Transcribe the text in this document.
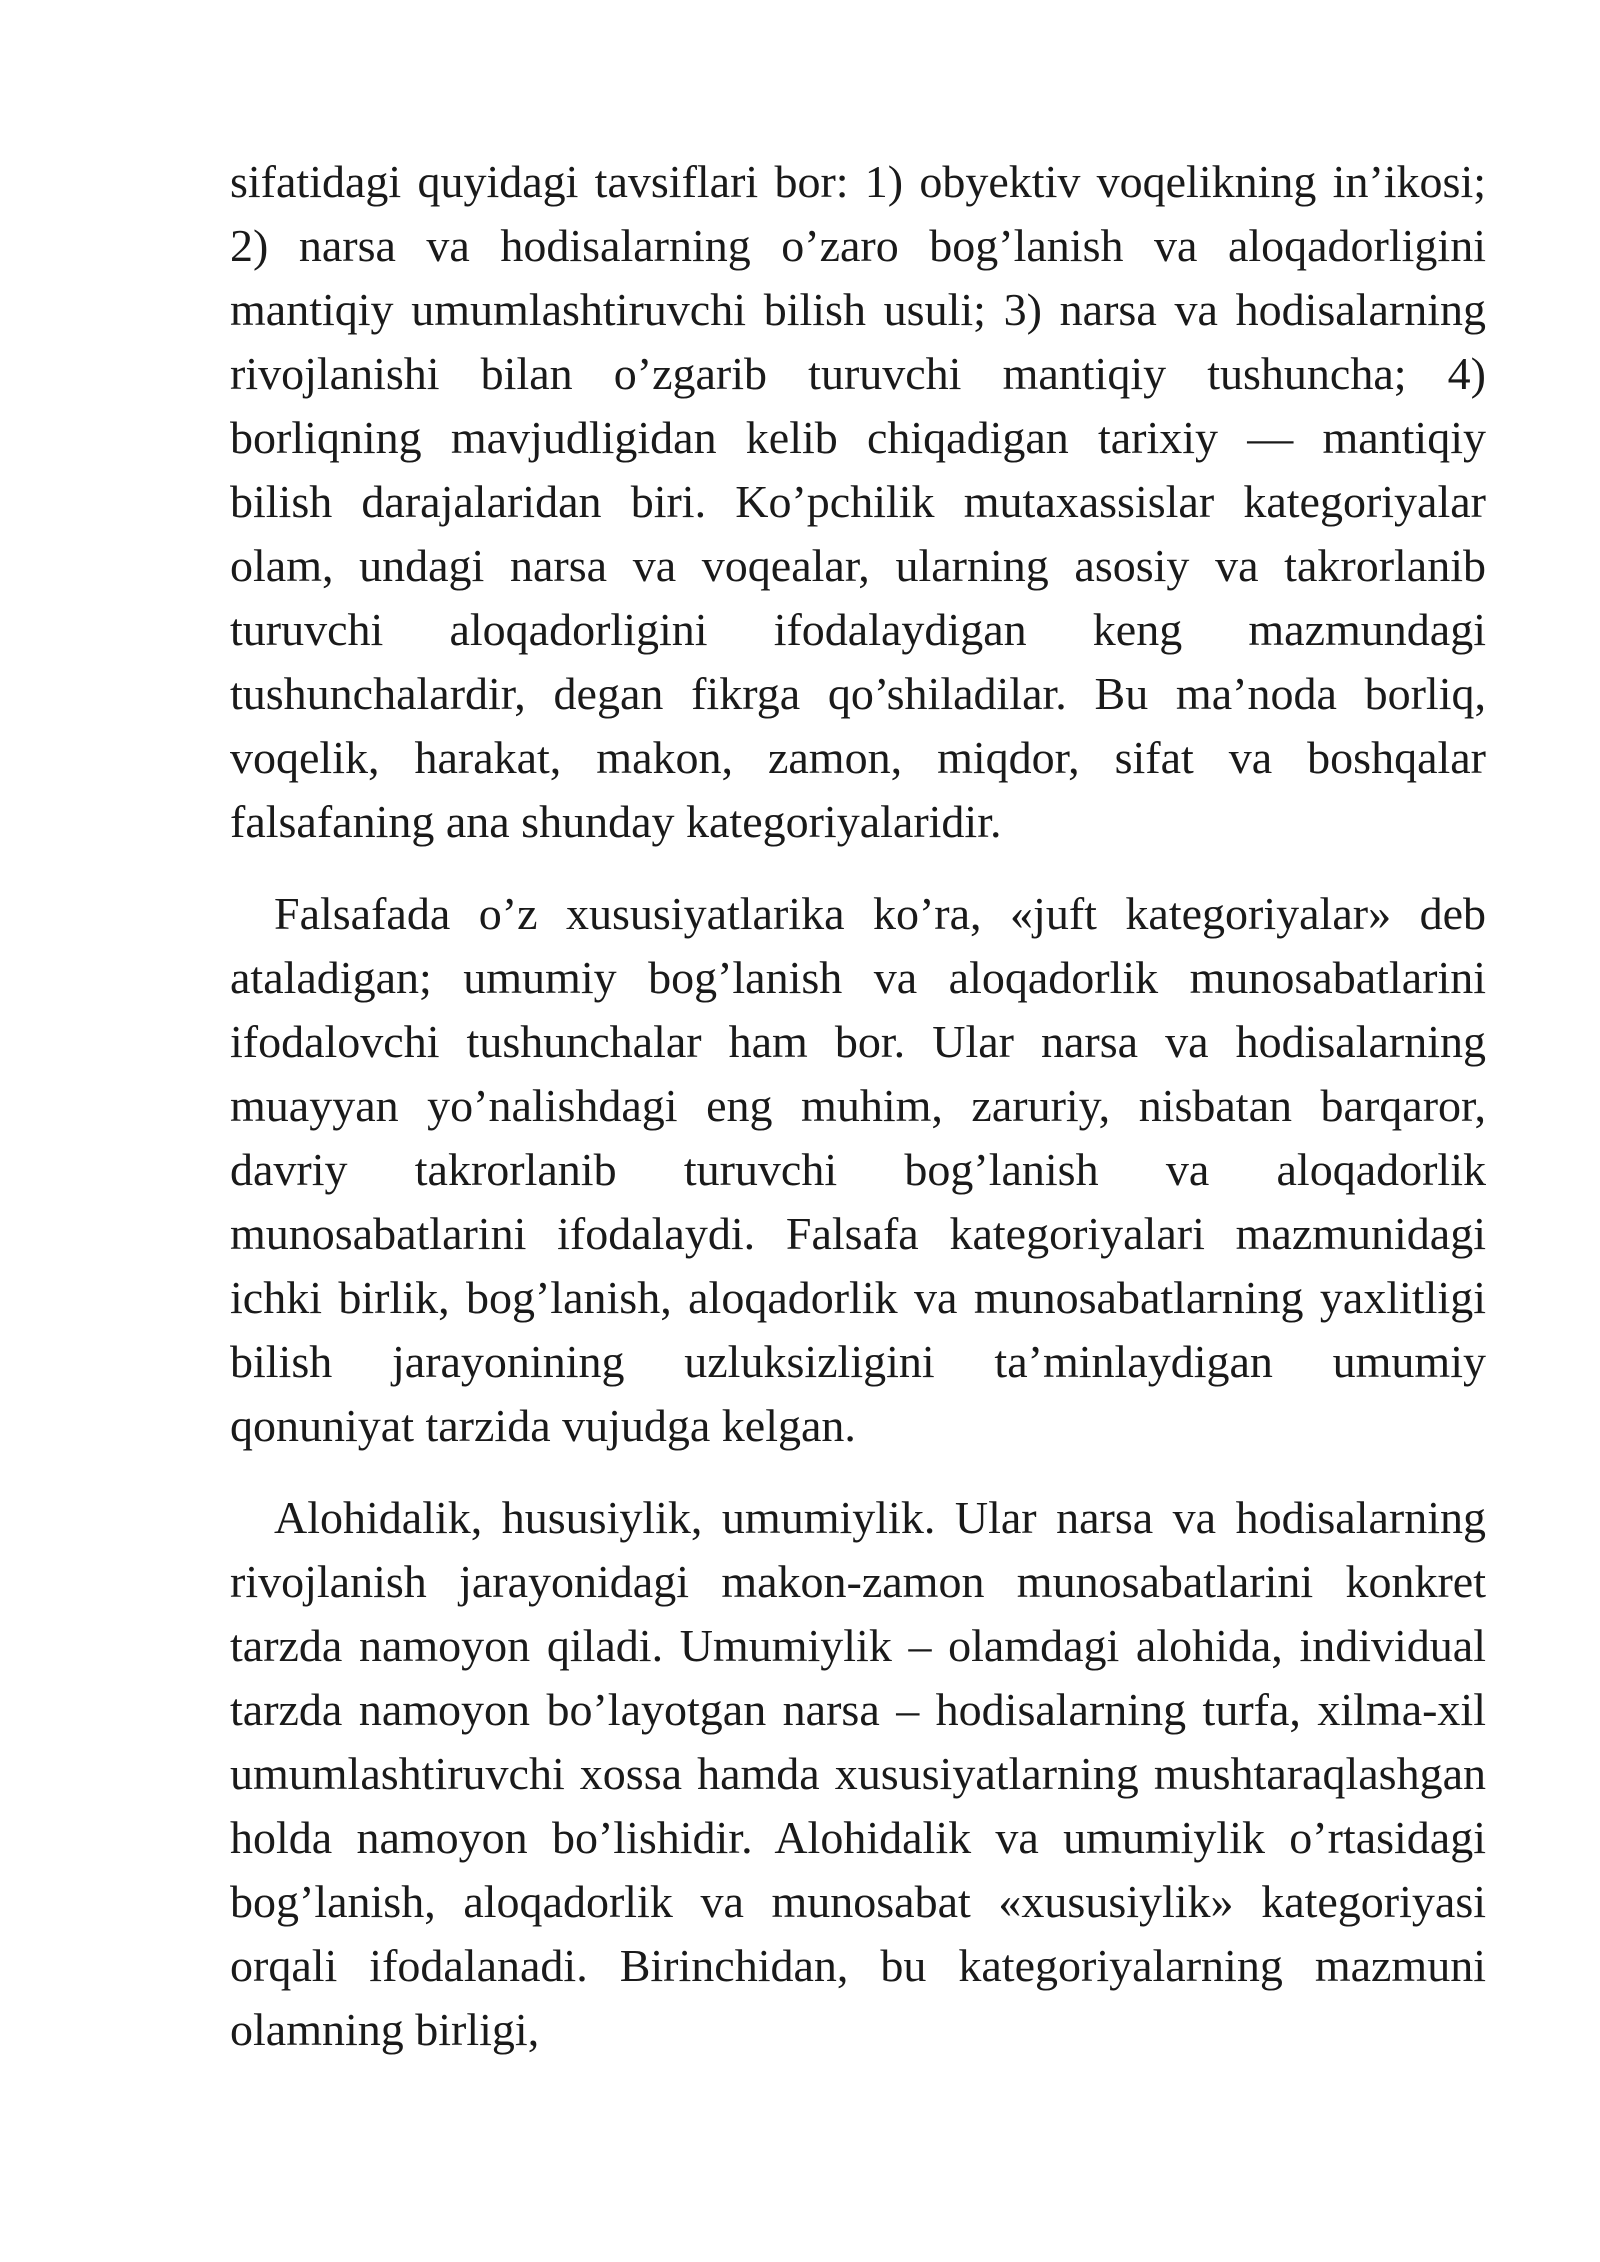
sifatidagi quyidagi tavsiflari bor: 1) obyektiv voqelikning in’ikosi; 2) narsa va hodisalarning o’zaro bog’lanish va aloqadorligini mantiqiy umumlashtiruvchi bilish usuli; 3) narsa va hodisalarning rivojlanishi bilan o’zgarib turuvchi mantiqiy tushuncha; 4) borliqning mavjudligidan kelib chiqadigan tarixiy — mantiqiy bilish darajalaridan biri. Ko’pchilik mutaxassislar kategoriyalar olam, undagi narsa va voqealar, ularning asosiy va takrorlanib turuvchi aloqadorligini ifodalaydigan keng mazmundagi tushunchalardir, degan fikrga qo’shiladilar. Bu ma’noda borliq, voqelik, harakat, makon, zamon, miqdor, sifat va boshqalar falsafaning ana shunday kategoriyalaridir.

Falsafada o’z xususiyatlarika ko’ra, «juft kategoriyalar» deb ataladigan; umumiy bog’lanish va aloqadorlik munosabatlarini ifodalovchi tushunchalar ham bor. Ular narsa va hodisalarning muayyan yo’nalishdagi eng muhim, zaruriy, nisbatan barqaror, davriy takrorlanib turuvchi bog’lanish va aloqadorlik munosabatlarini ifodalaydi. Falsafa kategoriyalari mazmunidagi ichki birlik, bog’lanish, aloqadorlik va munosabatlarning yaxlitligi bilish jarayonining uzluksizligini ta’minlaydigan umumiy qonuniyat tarzida vujudga kelgan.

Alohidalik, hususiylik, umumiylik. Ular narsa va hodisalarning rivojlanish jarayonidagi makon-zamon munosabatlarini konkret tarzda namoyon qiladi. Umumiylik – olamdagi alohida, individual tarzda namoyon bo’layotgan narsa – hodisalarning turfa, xilma-xil umumlashtiruvchi xossa hamda xususiyatlarning mushtaraqlashgan holda namoyon bo’lishidir. Alohidalik va umumiylik o’rtasidagi bog’lanish, aloqadorlik va munosabat «xususiylik» kategoriyasi orqali ifodalanadi. Birinchidan, bu kategoriyalarning mazmuni olamning birligi,
